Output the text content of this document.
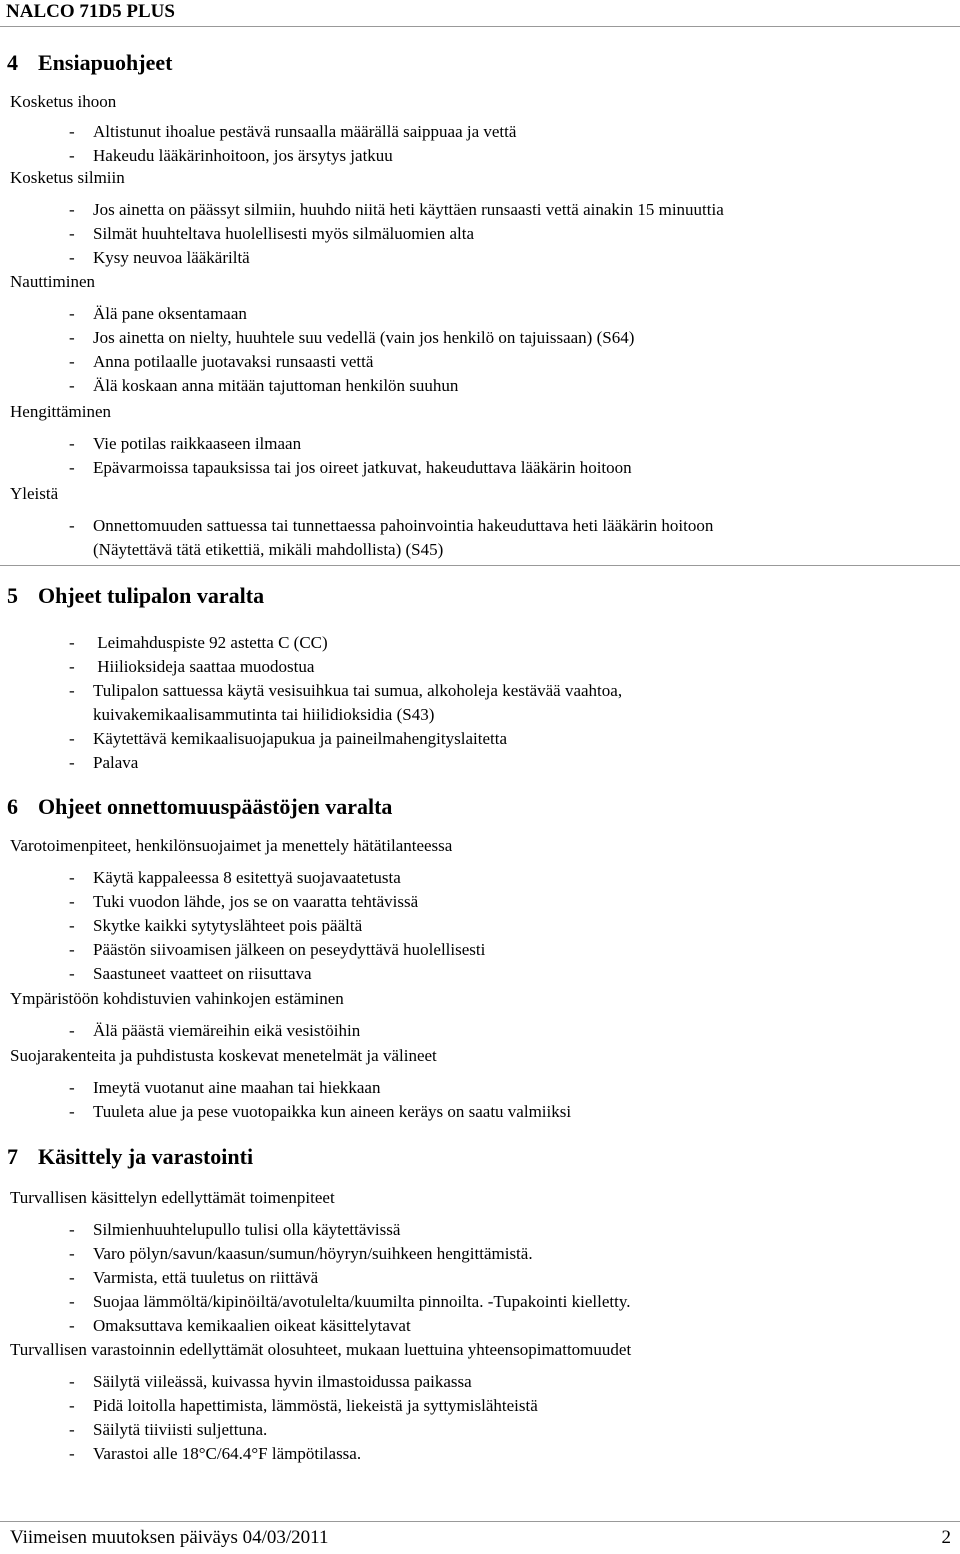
NALCO 71D5 PLUS
4 Ensiapuohjeet
Kosketus ihoon
- Altistunut ihoalue pestävä runsaalla määrällä saippuaa ja vettä
- Hakeudu lääkärinhoitoon, jos ärsytys jatkuu
Kosketus silmiin
- Jos ainetta on päässyt silmiin, huuhdo niitä heti käyttäen runsaasti vettä ainakin 15 minuuttia
- Silmät huuhteltava huolellisesti myös silmäluomien alta
- Kysy neuvoa lääkäriltä
Nauttiminen
- Älä pane oksentamaan
- Jos ainetta on nielty, huuhtele suu vedellä (vain jos henkilö on tajuissaan) (S64)
- Anna potilaalle juotavaksi runsaasti vettä
- Älä koskaan anna mitään tajuttoman henkilön suuhun
Hengittäminen
- Vie potilas raikkaaseen ilmaan
- Epävarmoissa tapauksissa tai jos oireet jatkuvat, hakeuduttava lääkärin hoitoon
Yleistä
- Onnettomuuden sattuessa tai tunnettaessa pahoinvointia hakeuduttava heti lääkärin hoitoon
(Näytettävä tätä etikettiä, mikäli mahdollista) (S45)
5 Ohjeet tulipalon varalta
- Leimahduspiste 92 astetta C (CC)
- Hiilioksideja saattaa muodostua
- Tulipalon sattuessa käytä vesisuihkua tai sumua, alkoholeja kestävää vaahtoa,
kuivakemikaalisammutinta tai hiilidioksidia (S43)
- Käytettävä kemikaalisuojapukua ja paineilmahengityslaitetta
- Palava
6 Ohjeet onnettomuuspäästöjen varalta
Varotoimenpiteet, henkilönsuojaimet ja menettely hätätilanteessa
- Käytä kappaleessa 8 esitettyä suojavaatetusta
- Tuki vuodon lähde, jos se on vaaratta tehtävissä
- Skytke kaikki sytytyslähteet pois päältä
- Päästön siivoamisen jälkeen on peseydyttävä huolellisesti
- Saastuneet vaatteet on riisuttava
Ympäristöön kohdistuvien vahinkojen estäminen
- Älä päästä viemäreihin eikä vesistöihin
Suojarakenteita ja puhdistusta koskevat menetelmät ja välineet
- Imeytä vuotanut aine maahan tai hiekkaan
- Tuuleta alue ja pese vuotopaikka kun aineen keräys on saatu valmiiksi
7 Käsittely ja varastointi
Turvallisen käsittelyn edellyttämät toimenpiteet
- Silmienhuuhtelupullo tulisi olla käytettävissä
- Varo pölyn/savun/kaasun/sumun/höyryn/suihkeen hengittämistä.
- Varmista, että tuuletus on riittävä
- Suojaa lämmöltä/kipinöiltä/avotulelta/kuumilta pinnoilta. -Tupakointi kielletty.
- Omaksuttava kemikaalien oikeat käsittelytavat
Turvallisen varastoinnin edellyttämät olosuhteet, mukaan luettuina yhteensopimattomuudet
- Säilytä viileässä, kuivassa hyvin ilmastoidussa paikassa
- Pidä loitolla hapettimista, lämmöstä, liekeistä ja syttymislähteistä
- Säilytä tiiviisti suljettuna.
- Varastoi alle 18°C/64.4°F lämpötilassa.
Viimeisen muutoksen päiväys 04/03/2011	2
